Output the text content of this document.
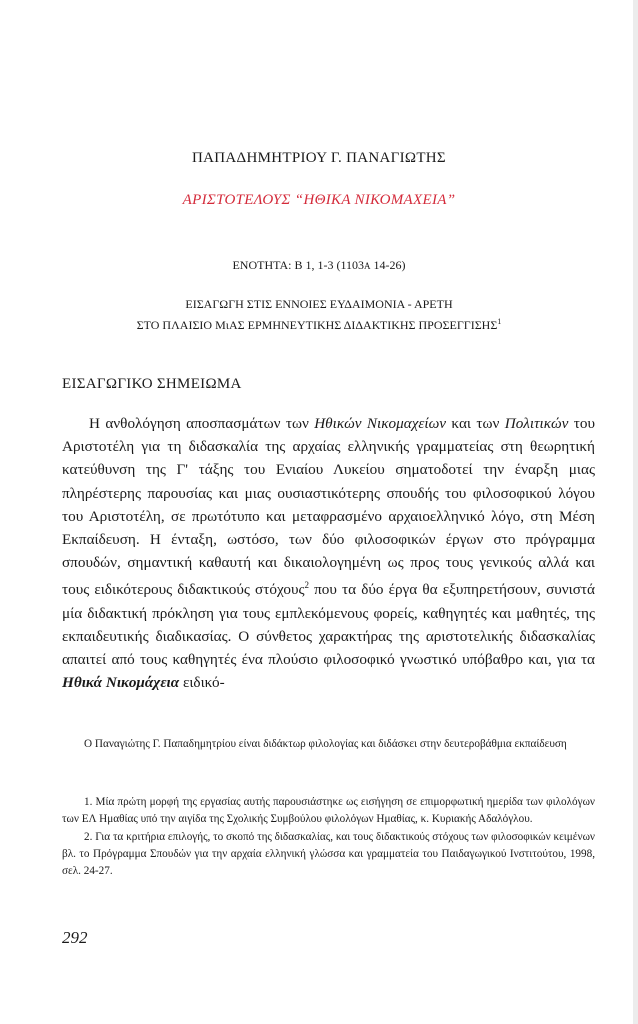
ΠΑΠΑΔΗΜΗΤΡΙΟΥ Γ. ΠΑΝΑΓΙΩΤΗΣ
ΑΡΙΣΤΟΤΕΛΟΥΣ “ΗΘΙΚΑ ΝΙΚΟΜΑΧΕΙΑ”
ΕΝΟΤΗΤΑ: Β 1, 1-3 (1103Α 14-26)
ΕΙΣΑΓΩΓΗ ΣΤΙΣ ΕΝΝΟΙΕΣ ΕΥΔΑΙΜΟΝΙΑ - ΑΡΕΤΗ
ΣΤΟ ΠΛΑΙΣΙΟ ΜιΑΣ ΕΡΜΗΝΕΥΤΙΚΗΣ ΔΙΔΑΚΤΙΚΗΣ ΠΡΟΣΕΓΓΙΣΗΣ$^1$
ΕΙΣΑΓΩΓΙΚΟ ΣΗΜΕΙΩΜΑ

Η ανθολόγηση αποσπασμάτων των Ηθικών Νικομαχείων και των Πολιτικών του Αριστοτέλη για τη διδασκαλία της αρχαίας ελληνικής γραμματείας στη θεωρητική κατεύθυνση της Γ' τάξης του Ενιαίου Λυκείου σηματοδοτεί την έναρξη μιας πληρέστερης παρουσίας και μιας ουσιαστικότερης σπουδής του φιλοσοφικού λόγου του Αριστοτέλη, σε πρωτότυπο και μεταφρασμένο αρχαιοελληνικό λόγο, στη Μέση Εκπαίδευση. Η ένταξη, ωστόσο, των δύο φιλοσοφικών έργων στο πρόγραμμα σπουδών, σημαντική καθαυτή και δικαιολογημένη ως προς τους γενικούς αλλά και τους ειδικότερους διδακτικούς στόχους$^2$ που τα δύο έργα θα εξυπηρετήσουν, συνιστά μία διδακτική πρόκληση για τους εμπλεκόμενους φορείς, καθηγητές και μαθητές, της εκπαιδευτικής διαδικασίας. Ο σύνθετος χαρακτήρας της αριστοτελικής διδασκαλίας απαιτεί από τους καθηγητές ένα πλούσιο φιλοσοφικό γνωστικό υπόβαθρο και, για τα Ηθικά Νικομάχεια ειδικό-

Ο Παναγιώτης Γ. Παπαδημητρίου είναι διδάκτωρ φιλολογίας και διδάσκει στην δευτεροβάθμια εκπαίδευση

1. Μία πρώτη μορφή της εργασίας αυτής παρουσιάστηκε ως εισήγηση σε επιμορφωτική ημερίδα των φιλολόγων των ΕΛ Ημαθίας υπό την αιγίδα της Σχολικής Συμβούλου φιλολόγων Ημαθίας, κ. Κυριακής Αδαλόγλου.

2. Για τα κριτήρια επιλογής, το σκοπό της διδασκαλίας, και τους διδακτικούς στόχους των φιλοσοφικών κειμένων βλ. το Πρόγραμμα Σπουδών για την αρχαία ελληνική γλώσσα και γραμματεία του Παιδαγωγικού Ινστιτούτου, 1998, σελ. 24-27.

292
